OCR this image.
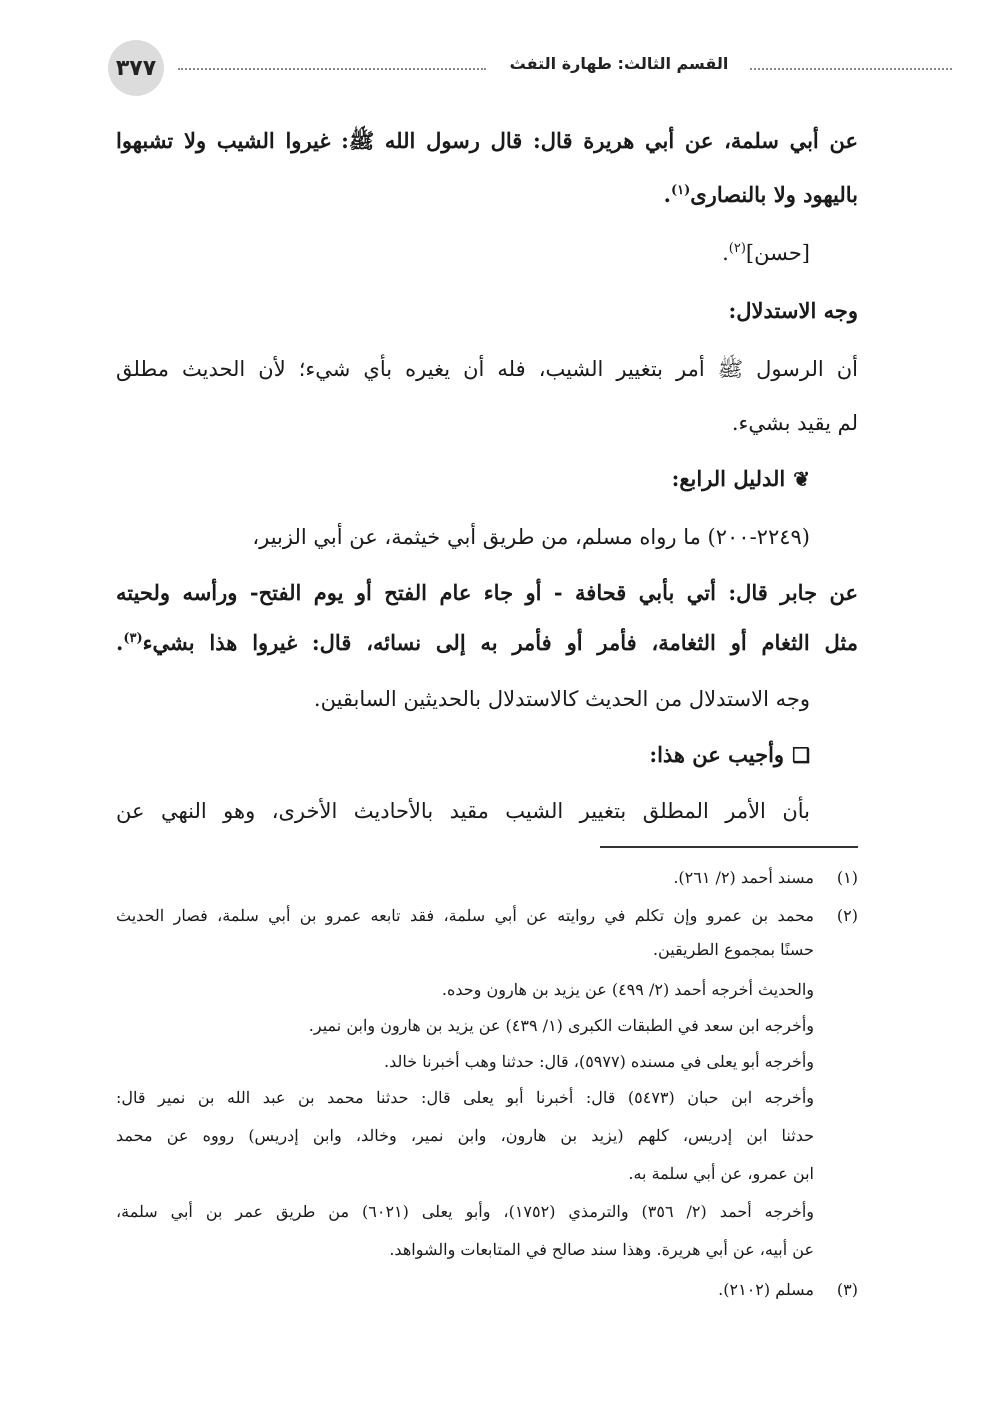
٣٧٧	القسم الثالث: طهارة التفث
عن أبي سلمة، عن أبي هريرة قال: قال رسول الله ﷺ: غيروا الشيب ولا تشبهوا
باليهود ولا بالنصارى$^{(١)}$.
[حسن]$^{(٢)}$.
وجه الاستدلال:
أن الرسول ﷺ أمر بتغيير الشيب، فله أن يغيره بأي شيء؛ لأن الحديث مطلق
لم يقيد بشيء.
❦الدليل الرابع:
(٢٢٤٩-٢٠٠) ما رواه مسلم، من طريق أبي خيثمة، عن أبي الزبير،
عن جابر قال: أتي بأبي قحافة - أو جاء عام الفتح أو يوم الفتح- ورأسه ولحيته
مثل الثغام أو الثغامة، فأمر أو فأمر به إلى نسائه، قال: غيروا هذا بشيء$^{(٣)}$.
وجه الاستدلال من الحديث كالاستدلال بالحديثين السابقين.
❑وأجيب عن هذا:
بأن الأمر المطلق بتغيير الشيب مقيد بالأحاديث الأخرى، وهو النهي عن
(١)
مسند أحمد (٢/ ٢٦١).
(٢)
محمد بن عمرو وإن تكلم في روايته عن أبي سلمة، فقد تابعه عمرو بن أبي سلمة، فصار الحديث
حسنًا بمجموع الطريقين.
والحديث أخرجه أحمد (٢/ ٤٩٩) عن يزيد بن هارون وحده.
وأخرجه ابن سعد في الطبقات الكبرى (١/ ٤٣٩) عن يزيد بن هارون وابن نمير.
وأخرجه أبو يعلى في مسنده (٥٩٧٧)، قال: حدثنا وهب أخبرنا خالد.
وأخرجه ابن حبان (٥٤٧٣) قال: أخبرنا أبو يعلى قال: حدثنا محمد بن عبد الله بن نمير قال:
حدثنا ابن إدريس، كلهم (يزيد بن هارون، وابن نمير، وخالد، وابن إدريس) رووه عن محمد
ابن عمرو، عن أبي سلمة به.
وأخرجه أحمد (٢/ ٣٥٦) والترمذي (١٧٥٢)، وأبو يعلى (٦٠٢١) من طريق عمر بن أبي سلمة،
عن أبيه، عن أبي هريرة. وهذا سند صالح في المتابعات والشواهد.
(٣)
مسلم (٢١٠٢).
